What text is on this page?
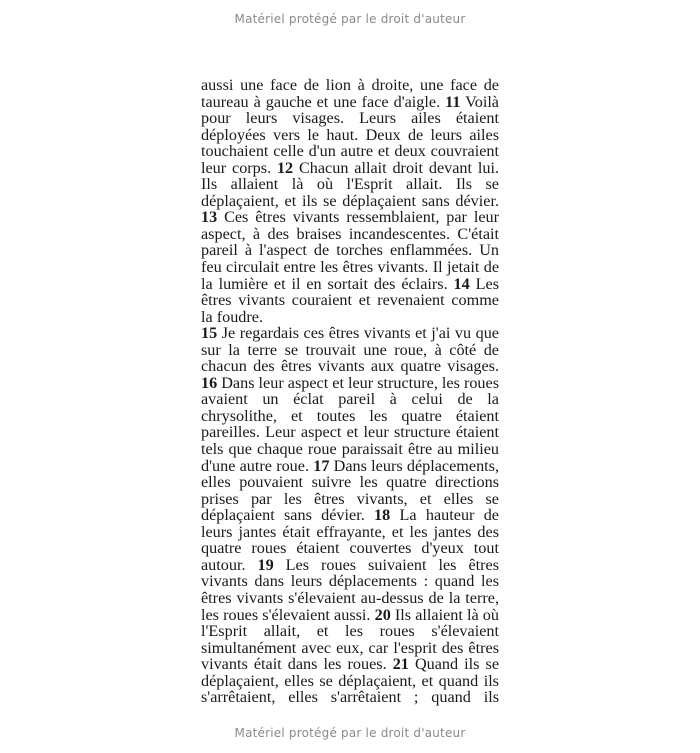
Matériel protégé par le droit d'auteur

aussi une face de lion à droite, une face de taureau à gauche et une face d'aigle. 11 Voilà pour leurs visages. Leurs ailes étaient déployées vers le haut. Deux de leurs ailes touchaient celle d'un autre et deux couvraient leur corps. 12 Chacun allait droit devant lui. Ils allaient là où l'Esprit allait. Ils se déplaçaient, et ils se déplaçaient sans dévier. 13 Ces êtres vivants ressemblaient, par leur aspect, à des braises incandescentes. C'était pareil à l'aspect de torches enflammées. Un feu circulait entre les êtres vivants. Il jetait de la lumière et il en sortait des éclairs. 14 Les êtres vivants couraient et revenaient comme la foudre.

15 Je regardais ces êtres vivants et j'ai vu que sur la terre se trouvait une roue, à côté de chacun des êtres vivants aux quatre visages. 16 Dans leur aspect et leur structure, les roues avaient un éclat pareil à celui de la chrysolithe, et toutes les quatre étaient pareilles. Leur aspect et leur structure étaient tels que chaque roue paraissait être au milieu d'une autre roue. 17 Dans leurs déplacements, elles pouvaient suivre les quatre directions prises par les êtres vivants, et elles se déplaçaient sans dévier. 18 La hauteur de leurs jantes était effrayante, et les jantes des quatre roues étaient couvertes d'yeux tout autour. 19 Les roues suivaient les êtres vivants dans leurs déplacements : quand les êtres vivants s'élevaient au-dessus de la terre, les roues s'élevaient aussi. 20 Ils allaient là où l'Esprit allait, et les roues s'élevaient simultanément avec eux, car l'esprit des êtres vivants était dans les roues. 21 Quand ils se déplaçaient, elles se déplaçaient, et quand ils s'arrêtaient, elles s'arrêtaient ; quand ils

Matériel protégé par le droit d'auteur
